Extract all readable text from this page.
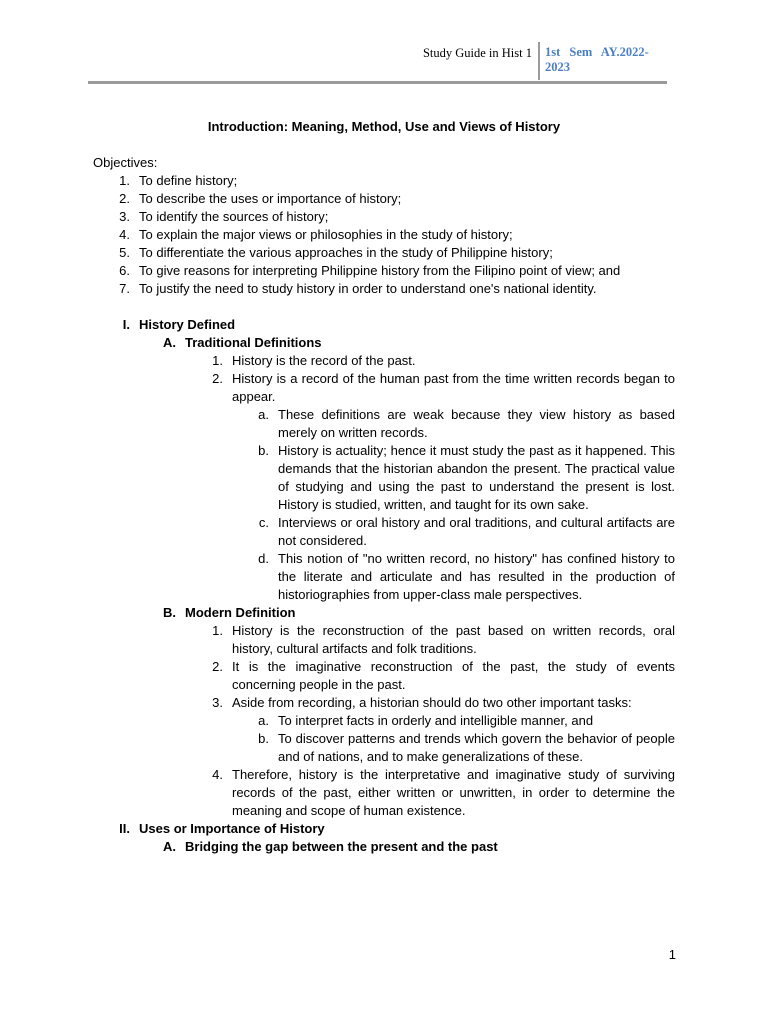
Study Guide in Hist 1 1st Sem AY.2022-2023

Introduction: Meaning, Method, Use and Views of History

Objectives:
1. To define history;
2. To describe the uses or importance of history;
3. To identify the sources of history;
4. To explain the major views or philosophies in the study of history;
5. To differentiate the various approaches in the study of Philippine history;
6. To give reasons for interpreting Philippine history from the Filipino point of view; and
7. To justify the need to study history in order to understand one's national identity.
I. History Defined
A. Traditional Definitions
1. History is the record of the past.
2. History is a record of the human past from the time written records began to appear.
a. These definitions are weak because they view history as based merely on written records.
b. History is actuality; hence it must study the past as it happened. This demands that the historian abandon the present. The practical value of studying and using the past to understand the present is lost. History is studied, written, and taught for its own sake.
c. Interviews or oral history and oral traditions, and cultural artifacts are not considered.
d. This notion of "no written record, no history" has confined history to the literate and articulate and has resulted in the production of historiographies from upper-class male perspectives.
B. Modern Definition
1. History is the reconstruction of the past based on written records, oral history, cultural artifacts and folk traditions.
2. It is the imaginative reconstruction of the past, the study of events concerning people in the past.
3. Aside from recording, a historian should do two other important tasks:
a. To interpret facts in orderly and intelligible manner, and
b. To discover patterns and trends which govern the behavior of people and of nations, and to make generalizations of these.
4. Therefore, history is the interpretative and imaginative study of surviving records of the past, either written or unwritten, in order to determine the meaning and scope of human existence.
II. Uses or Importance of History
A. Bridging the gap between the present and the past
1
